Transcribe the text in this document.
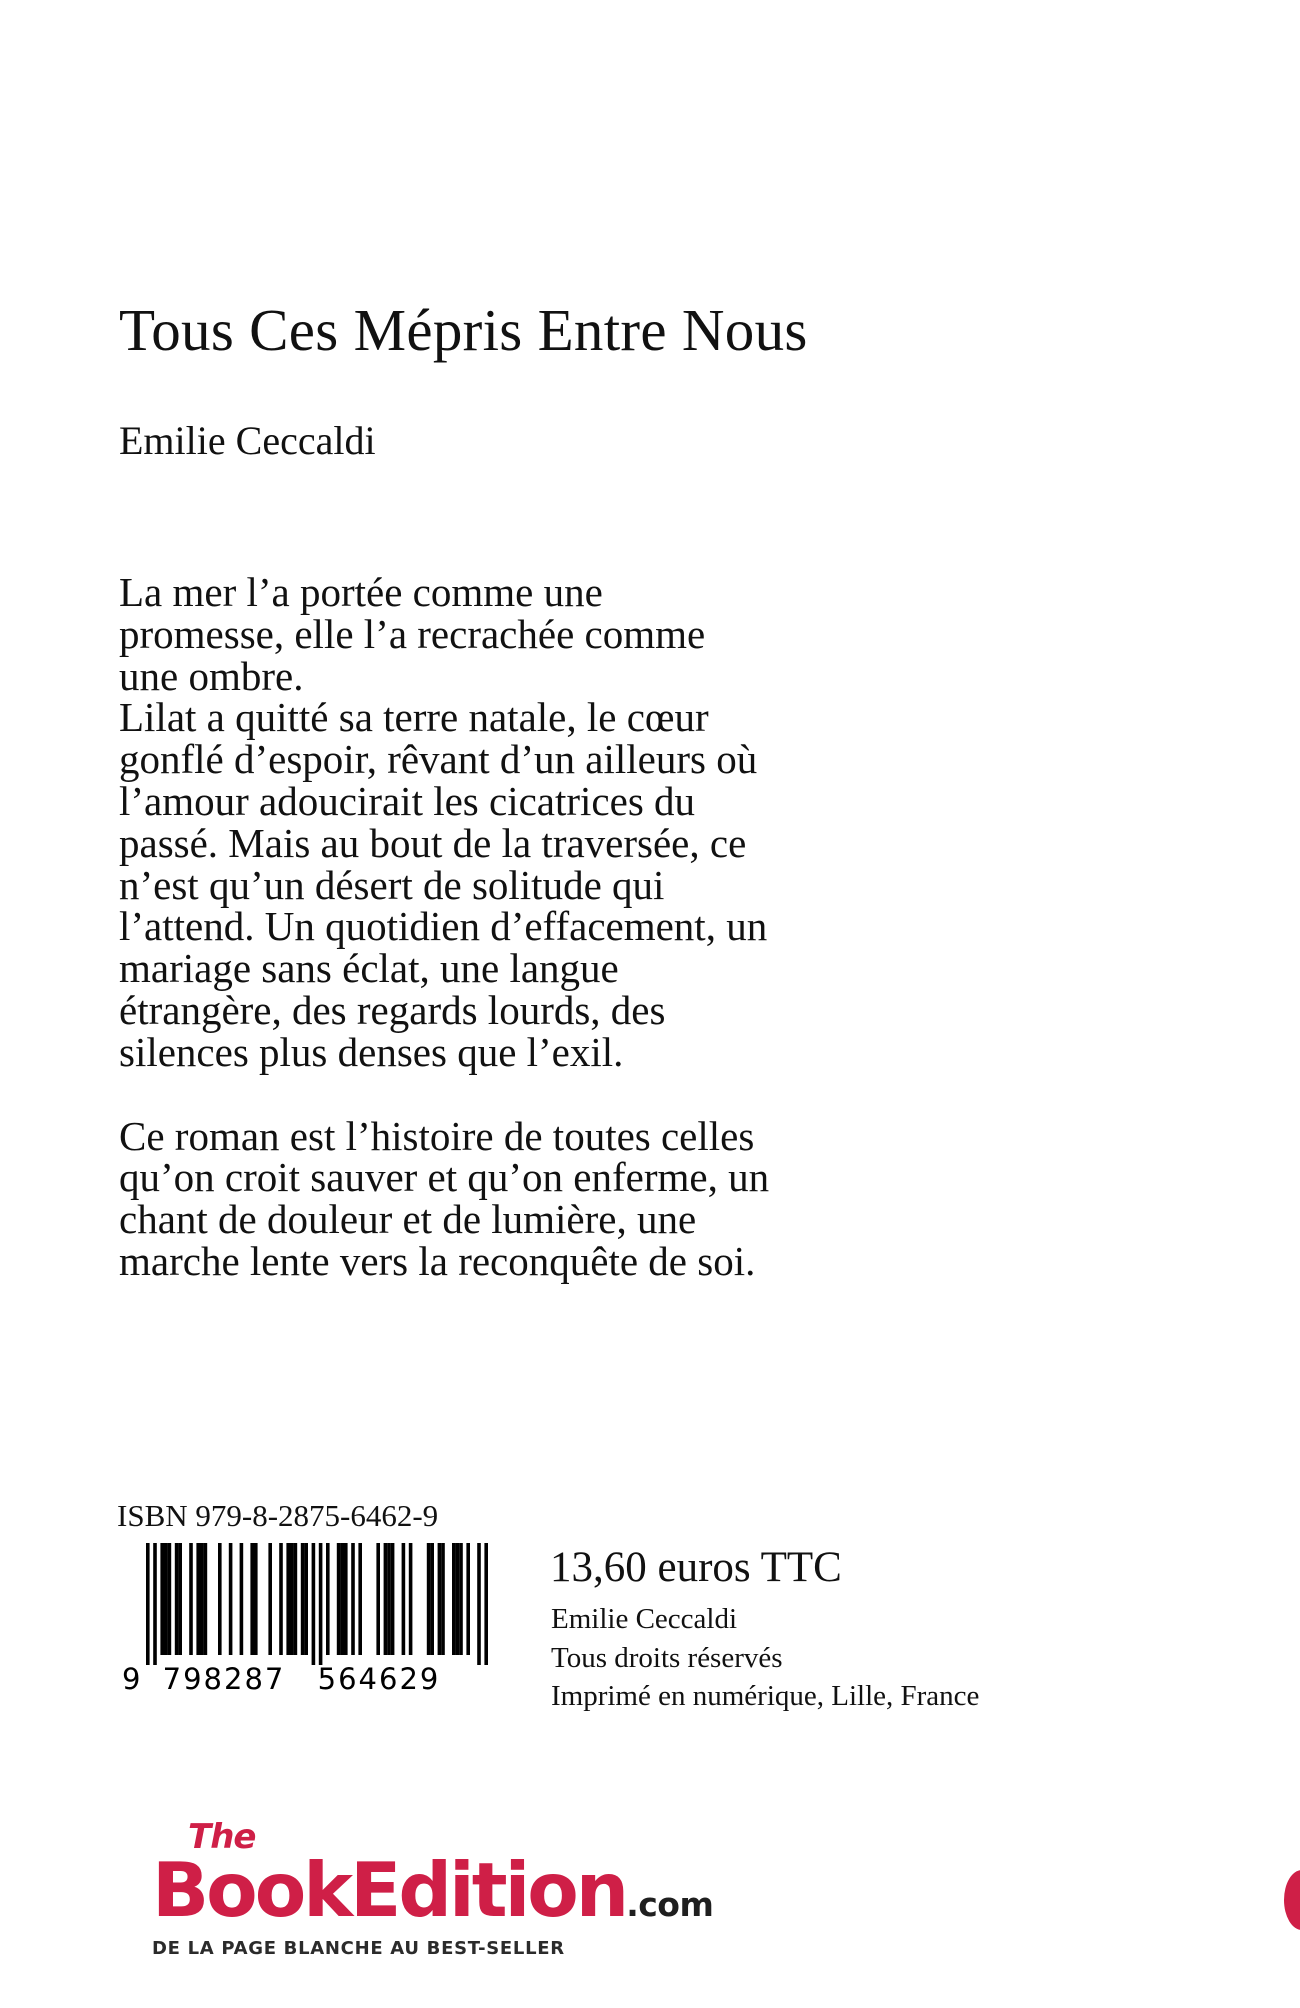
Tous Ces Mépris Entre Nous
Emilie Ceccaldi

La mer l’a portée comme une
promesse, elle l’a recrachée comme
une ombre.
Lilat a quitté sa terre natale, le cœur
gonflé d’espoir, rêvant d’un ailleurs où
l’amour adoucirait les cicatrices du
passé. Mais au bout de la traversée, ce
n’est qu’un désert de solitude qui
l’attend. Un quotidien d’effacement, un
mariage sans éclat, une langue
étrangère, des regards lourds, des
silences plus denses que l’exil.

Ce roman est l’histoire de toutes celles
qu’on croit sauver et qu’on enferme, un
chant de douleur et de lumière, une
marche lente vers la reconquête de soi.

ISBN 979-8-2875-6462-9
9 798287 564629
13,60 euros TTC
Emilie Ceccaldi
Tous droits réservés
Imprimé en numérique, Lille, France
The
BookEdition.com
DE LA PAGE BLANCHE AU BEST-SELLER
